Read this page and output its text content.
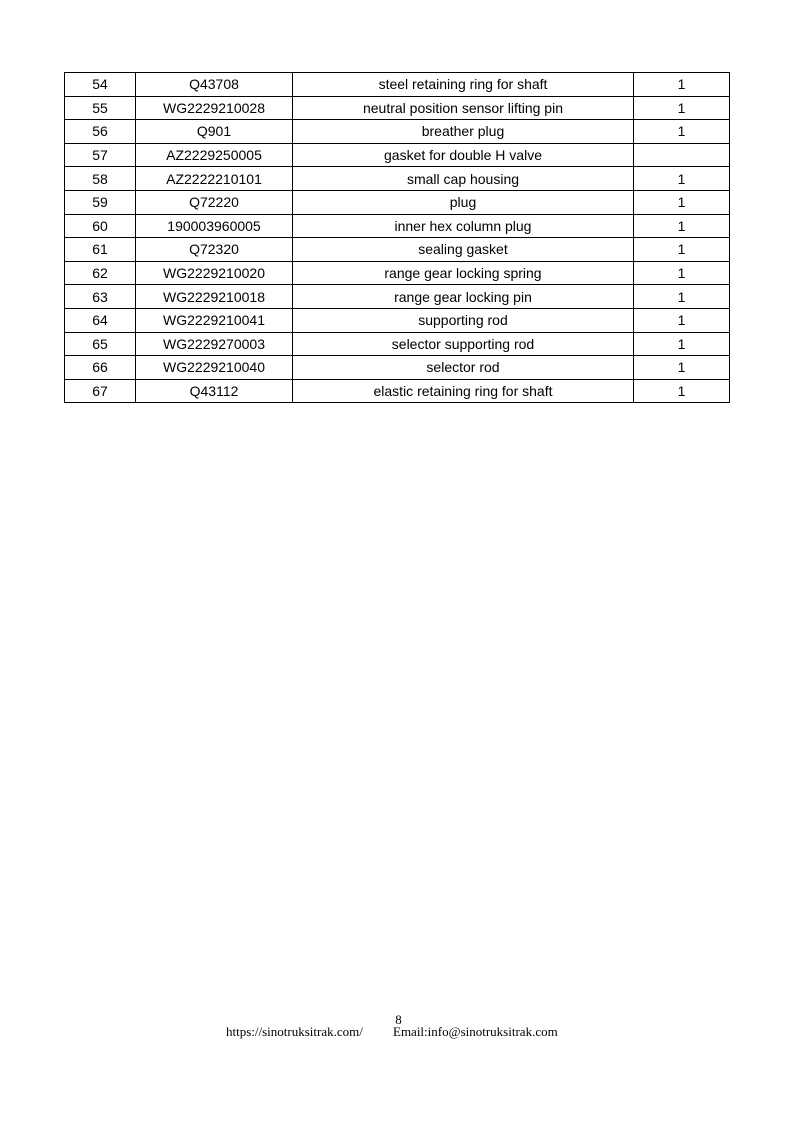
54	Q43708	steel retaining ring for shaft	1
55	WG2229210028	neutral position sensor lifting pin	1
56	Q901	breather plug	1
57	AZ2229250005	gasket for double H valve	
58	AZ2222210101	small cap housing	1
59	Q72220	plug	1
60	190003960005	inner hex column plug	1
61	Q72320	sealing gasket	1
62	WG2229210020	range gear locking spring	1
63	WG2229210018	range gear locking pin	1
64	WG2229210041	supporting rod	1
65	WG2229270003	selector supporting rod	1
66	WG2229210040	selector rod	1
67	Q43112	elastic retaining ring for shaft	1
8
https://sinotruksitrak.com/ Email:info@sinotruksitrak.com
